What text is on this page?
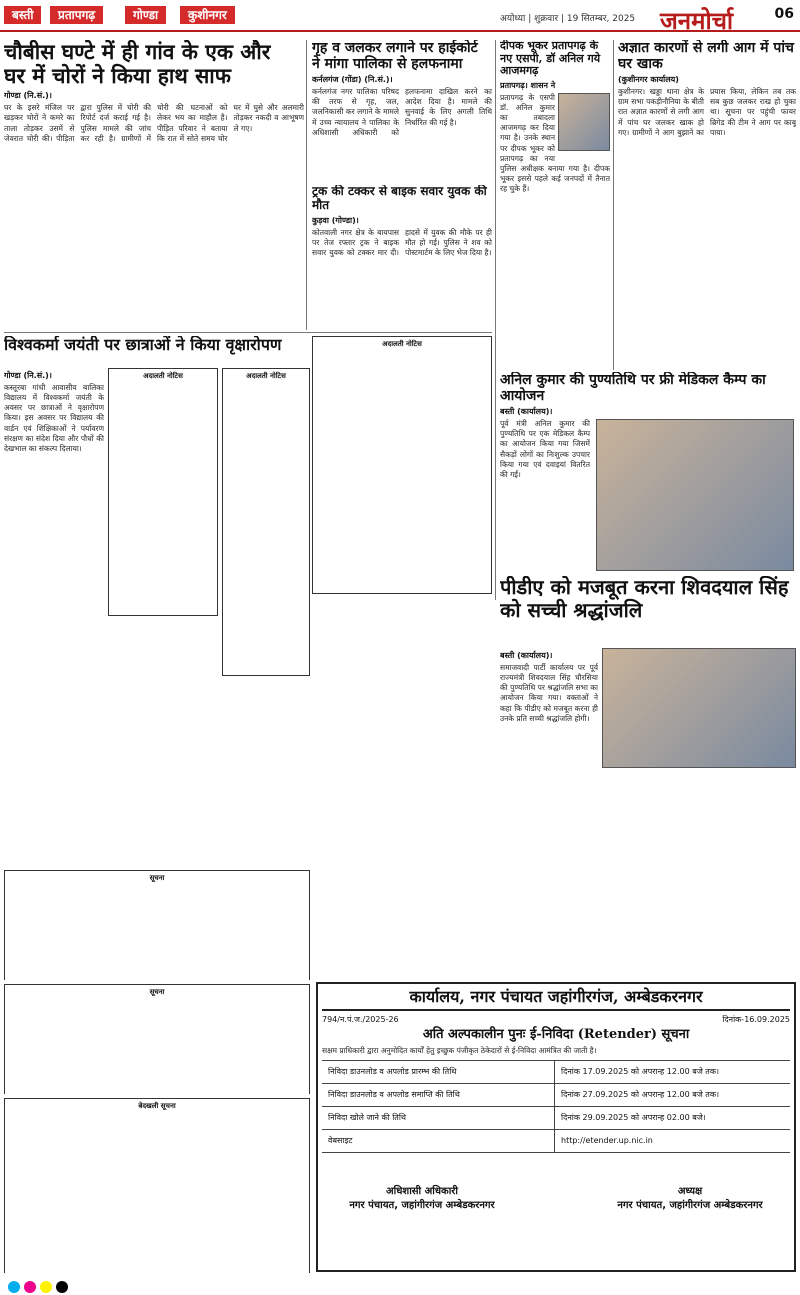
बस्ती	प्रतापगढ़	गोण्डा	कुशीनगर	अयोध्या | शुक्रवार | 19 सितम्बर, 2025 जनमोर्चा	06
चौबीस घण्टे में ही गांव के एक और
घर में चोरों ने किया हाथ साफ
गोण्डा (नि.सं.)।
घर के इसरे मंजिल पर खड़कर चोरों ने कमरे का ताला तोड़कर उसमें से जेवरात चोरी की। पीड़िता द्वारा पुलिस में चोरी की रिपोर्ट दर्ज कराई गई है। पुलिस मामले की जांच कर रही है। ग्रामीणों में चोरी की घटनाओं को लेकर भय का माहौल है। पीड़ित परिवार ने बताया कि रात में सोते समय चोर घर में घुसे और अलमारी तोड़कर नकदी व आभूषण ले गए।
गृह व जलकर लगाने पर हाईकोर्ट
ने मांगा पालिका से हलफनामा
कर्नलगंज (गोंडा) (नि.सं.)।
कर्नलगंज नगर पालिका परिषद की तरफ से गृह, जल, जलनिकासी कर लगाने के मामले में उच्च न्यायालय ने पालिका के अधिशासी अधिकारी को हलफनामा दाखिल करने का आदेश दिया है। मामले की सुनवाई के लिए अगली तिथि निर्धारित की गई है।
ट्रक की टक्कर से बाइक सवार युवक की मौत
कुड़वा (गोण्डा)।
कोतवाली नगर क्षेत्र के बायपास पर तेज रफ्तार ट्रक ने बाइक सवार युवक को टक्कर मार दी। हादसे में युवक की मौके पर ही मौत हो गई। पुलिस ने शव को पोस्टमार्टम के लिए भेज दिया है।
दीपक भूकर प्रतापगढ़ के नए एसपी, डॉ अनिल गये आजमगढ़
प्रतापगढ़। शासन ने
प्रतापगढ़ के एसपी डॉ. अनिल कुमार का तबादला आजमगढ़ कर दिया गया है। उनके स्थान पर दीपक भूकर को प्रतापगढ़ का नया पुलिस अधीक्षक बनाया गया है। दीपक भूकर इससे पहले कई जनपदों में तैनात रह चुके हैं।
अज्ञात कारणों से लगी आग में पांच घर खाक
(कुशीनगर कार्यालय)
कुशीनगर। खड्डा थाना क्षेत्र के ग्राम सभा पकड़ीनौनिया के बीती रात अज्ञात कारणों से लगी आग में पांच घर जलकर खाक हो गए। ग्रामीणों ने आग बुझाने का प्रयास किया, लेकिन तब तक सब कुछ जलकर राख हो चुका था। सूचना पर पहुंची फायर ब्रिगेड की टीम ने आग पर काबू पाया।
विश्वकर्मा जयंती पर छात्राओं ने किया वृक्षारोपण
गोण्डा (नि.सं.)।
कस्तूरबा गांधी आवासीय बालिका विद्यालय में विश्वकर्मा जयंती के अवसर पर छात्राओं ने वृक्षारोपण किया। इस अवसर पर विद्यालय की वार्डन एवं शिक्षिकाओं ने पर्यावरण संरक्षण का संदेश दिया और पौधों की देखभाल का संकल्प दिलाया।
अदालती नोटिस	अदालती नोटिस
अदालती नोटिस
अनिल कुमार की पुण्यतिथि पर फ्री मेडिकल कैम्प का आयोजन
बस्ती (कार्यालय)।
पूर्व मंत्री अनिल कुमार की पुण्यतिथि पर एक मेडिकल कैम्प का आयोजन किया गया जिसमें सैकड़ों लोगों का निःशुल्क उपचार किया गया एवं दवाइयां वितरित की गईं।
पीडीए को मजबूत करना शिवदयाल सिंह को सच्ची श्रद्धांजलि
बस्ती (कार्यालय)।
समाजवादी पार्टी कार्यालय पर पूर्व राज्यमंत्री शिवदयाल सिंह चौरसिया की पुण्यतिथि पर श्रद्धांजलि सभा का आयोजन किया गया। वक्ताओं ने कहा कि पीडीए को मजबूत करना ही उनके प्रति सच्ची श्रद्धांजलि होगी।
सूचना
सूचना
बेदखली सूचना
कार्यालय, नगर पंचायत जहांगीरगंज, अम्बेडकरनगर
794/न.पं.ज./2025-26	दिनांक-16.09.2025
अति अल्पकालीन पुनः ई-निविदा (Retender) सूचना
सक्षम प्राधिकारी द्वारा अनुमोदित कार्यों हेतु इच्छुक पंजीकृत ठेकेदारों से ई-निविदा आमंत्रित की जाती है।
निविदा डाउनलोड व अपलोड प्रारम्भ की तिथि	दिनांक 17.09.2025 को अपरान्ह 12.00 बजे तक।
निविदा डाउनलोड व अपलोड समाप्ति की तिथि	दिनांक 27.09.2025 को अपरान्ह 12.00 बजे तक।
निविदा खोले जाने की तिथि	दिनांक 29.09.2025 को अपरान्ह 02.00 बजे।
वेबसाइट	http://etender.up.nic.in
अधिशासी अधिकारी
नगर पंचायत, जहांगीरगंज अम्बेडकरनगर
अध्यक्ष
नगर पंचायत, जहांगीरगंज अम्बेडकरनगर
